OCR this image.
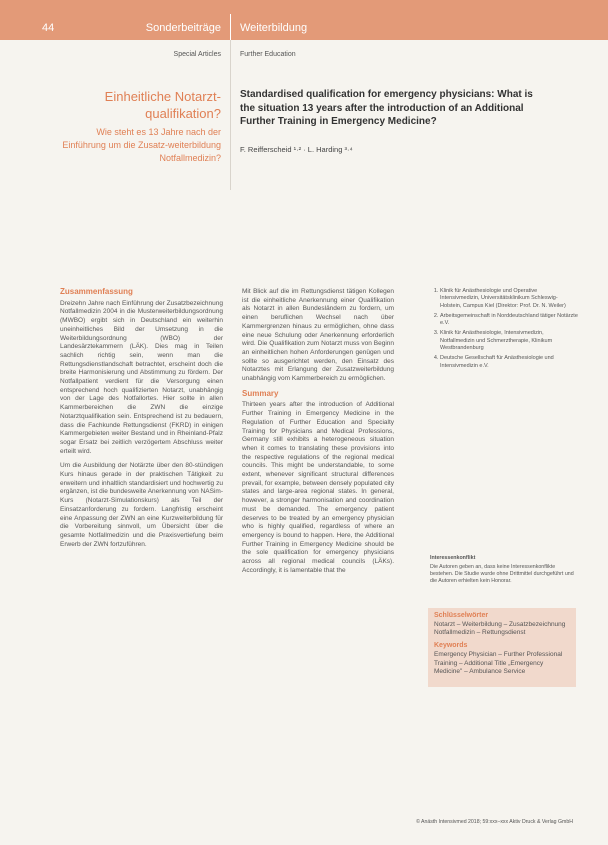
44	Sonderbeiträge Weiterbildung
Special Articles	Further Education
Einheitliche Notarzt-qualifikation?
Wie steht es 13 Jahre nach der Einführung um die Zusatz-weiterbildung Notfallmedizin?
Standardised qualification for emergency physicians: What is the situation 13 years after the introduction of an Additional Further Training in Emergency Medicine?
F. Reifferscheid ¹·² · L. Harding ³·⁴
Zusammenfassung

Dreizehn Jahre nach Einführung der Zusatzbezeichnung Notfallmedizin 2004 in die Musterweiterbildungsordnung (MWBO) ergibt sich in Deutschland ein weiterhin uneinheitliches Bild der Umsetzung in die Weiterbildungsordnung (WBO) der Landesärztekammern (LÄK). Dies mag in Teilen sachlich richtig sein, wenn man die Rettungsdienstlandschaft betrachtet, erscheint doch die breite Harmonisierung und Abstimmung zu fördern. Der Notfallpatient verdient für die Versorgung einen entsprechend hoch qualifizierten Notarzt, unabhängig von der Lage des Notfallortes. Hier sollte in allen Kammerbereichen die ZWN die einzige Notarztqualifikation sein. Entsprechend ist zu bedauern, dass die Fachkunde Rettungsdienst (FKRD) in einigen Kammergebieten weiter Bestand und in Rheinland-Pfalz sogar Ersatz bei zeitlich verzögertem Abschluss weiter erteilt wird.

Um die Ausbildung der Notärzte über den 80-stündigen Kurs hinaus gerade in der praktischen Tätigkeit zu erweitern und inhaltlich standardisiert und hochwertig zu ergänzen, ist die bundesweite Anerkennung von NASim-Kurs (Notarzt-Simulationskurs) als Teil der Einsatzanforderung zu fordern. Langfristig erscheint eine Anpassung der ZWN an eine Kurzweiterbildung für die Vorbereitung sinnvoll, um Übersicht über die gesamte Notfallmedizin und die Praxisvertiefung beim Erwerb der ZWN fortzuführen.

Mit Blick auf die im Rettungsdienst tätigen Kollegen ist die einheitliche Anerkennung einer Qualifikation als Notarzt in allen Bundesländern zu fordern, um einen beruflichen Wechsel nach über Kammergrenzen hinaus zu ermöglichen, ohne dass eine neue Schulung oder Anerkennung erforderlich wird. Die Qualifikation zum Notarzt muss von Beginn an einheitlichen hohen Anforderungen genügen und sollte so ausgerichtet werden, den Einsatz des Notarztes mit Erlangung der Zusatzweiterbildung unabhängig vom Kammerbereich zu ermöglichen.

Summary

Thirteen years after the introduction of Additional Further Training in Emergency Medicine in the Regulation of Further Education and Specialty Training for Physicians and Medical Professions, Germany still exhibits a heterogeneous situation when it comes to translating these provisions into the respective regulations of the regional medical councils. This might be understandable, to some extent, whenever significant structural differences prevail, for example, between densely populated city states and large-area regional states. In general, however, a stronger harmonisation and coordination must be demanded. The emergency patient deserves to be treated by an emergency physician who is highly qualified, regardless of where an emergency is bound to happen. Here, the Additional Further Training in Emergency Medicine should be the sole qualification for emergency physicians across all regional medical councils (LÄKs). Accordingly, it is lamentable that the

1. Klinik für Anästhesiologie und Operative Intensivmedizin, Universitätsklinikum Schleswig-Holstein, Campus Kiel (Direktor: Prof. Dr. N. Weiler)
2. Arbeitsgemeinschaft in Norddeutschland tätiger Notärzte e.V.
3. Klinik für Anästhesiologie, Intensivmedizin, Notfallmedizin und Schmerztherapie, Klinikum Westbrandenburg
4. Deutsche Gesellschaft für Anästhesiologie und Intensivmedizin e.V.
Interessenkonflikt
Die Autoren geben an, dass keine Interessenkonflikte bestehen. Die Studie wurde ohne Drittmittel durchgeführt und die Autoren erhielten kein Honorar.
Schlüsselwörter
Notarzt – Weiterbildung – Zusatzbezeichnung Notfallmedizin – Rettungsdienst
Keywords
Emergency Physician – Further Professional Training – Additional Title „Emergency Medicine" – Ambulance Service
© Anästh Intensivmed 2018; 59:xxx–xxx Aktiv Druck & Verlag GmbH
